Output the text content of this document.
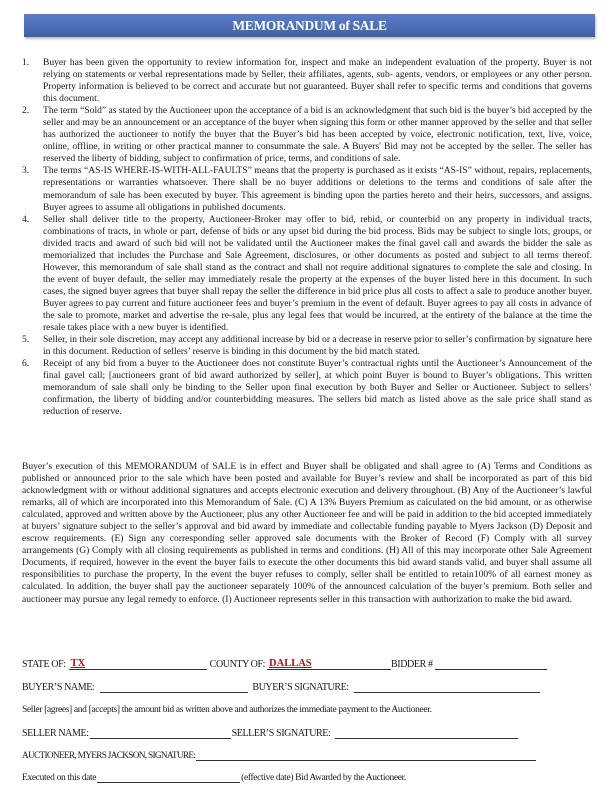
MEMORANDUM of SALE
1.	Buyer has been given the opportunity to review information for, inspect and make an independent evaluation of the property. Buyer is not relying on statements or verbal representations made by Seller, their affiliates, agents, sub- agents, vendors, or employees or any other person. Property information is believed to be correct and accurate but not guaranteed. Buyer shall refer to specific terms and conditions that governs this document.
2.	The term “Sold” as stated by the Auctioneer upon the acceptance of a bid is an acknowledgment that such bid is the buyer’s bid accepted by the seller and may be an announcement or an acceptance of the buyer when signing this form or other manner approved by the seller and that seller has authorized the auctioneer to notify the buyer that the Buyer’s bid has been accepted by voice, electronic notification, text, live, voice, online, offline, in writing or other practical manner to consummate the sale. A Buyers' Bid may not be accepted by the seller. The seller has reserved the liberty of bidding, subject to confirmation of price, terms, and conditions of sale.
3.	The terms “AS-IS WHERE-IS-WITH-ALL-FAULTS” means that the property is purchased as it exists “AS-IS” without, repairs, replacements, representations or warranties whatsoever. There shall be no buyer additions or deletions to the terms and conditions of sale after the memorandum of sale has been executed by buyer. This agreement is binding upon the parties hereto and their heirs, successors, and assigns. Buyer agrees to assume all obligations in published documents.
4.	Seller shall deliver title to the property, Auctioneer-Broker may offer to bid, rebid, or counterbid on any property in individual tracts, combinations of tracts, in whole or part, defense of bids or any upset bid during the bid process. Bids may be subject to single lots, groups, or divided tracts and award of such bid will not be validated until the Auctioneer makes the final gavel call and awards the bidder the sale as memorialized that includes the Purchase and Sale Agreement, disclosures, or other documents as posted and subject to all terms thereof. However, this memorandum of sale shall stand as the contract and shall not require additional signatures to complete the sale and closing. In the event of buyer default, the seller may immediately resale the property at the expenses of the buyer listed here in this document. In such cases, the signed buyer agrees that buyer shall repay the seller the difference in bid price plus all costs to affect a sale to produce another buyer. Buyer agrees to pay current and future auctioneer fees and buyer’s premium in the event of default. Buyer agrees to pay all costs in advance of the sale to promote, market and advertise the re-sale, plus any legal fees that would be incurred, at the entirety of the balance at the time the resale takes place with a new buyer is identified.
5.	Seller, in their sole discretion, may accept any additional increase by bid or a decrease in reserve prior to seller’s confirmation by signature here in this document. Reduction of sellers’ reserve is binding in this document by the bid match stated.
6.	Receipt of any bid from a buyer to the Auctioneer does not constitute Buyer’s contractual rights until the Auctioneer’s Announcement of the final gavel call; [auctioneers grant of bid award authorized by seller], at which point Buyer is bound to Buyer’s obligations. This written memorandum of sale shall only be binding to the Seller upon final execution by both Buyer and Seller or Auctioneer. Subject to sellers’ confirmation, the liberty of bidding and/or counterbidding measures. The sellers bid match as listed above as the sale price shall stand as reduction of reserve.

Buyer’s execution of this MEMORANDUM of SALE is in effect and Buyer shall be obligated and shall agree to (A) Terms and Conditions as published or announced prior to the sale which have been posted and available for Buyer’s review and shall be incorporated as part of this bid acknowledgment with or without additional signatures and accepts electronic execution and delivery throughout. (B) Any of the Auctioneer’s lawful remarks, all of which are incorporated into this Memorandum of Sale. (C) A 13% Buyers Premium as calculated on the bid amount, or as otherwise calculated, approved and written above by the Auctioneer, plus any other Auctioneer fee and will be paid in addition to the bid accepted immediately at buyers’ signature subject to the seller’s approval and bid award by immediate and collectable funding payable to Myers Jackson (D) Deposit and escrow requirements. (E) Sign any corresponding seller approved sale documents with the Broker of Record (F) Comply with all survey arrangements (G) Comply with all closing requirements as published in terms and conditions. (H) All of this may incorporate other Sale Agreement Documents, if required, however in the event the buyer fails to execute the other documents this bid award stands valid, and buyer shall assume all responsibilities to purchase the property, In the event the buyer refuses to comply, seller shall be entitled to retain100% of all earnest money as calculated. In addition, the buyer shall pay the auctioneer separately 100% of the announced calculation of the buyer’s premium. Both seller and auctioneer may pursue any legal remedy to enforce. (I) Auctioneer represents seller in this transaction with authorization to make the bid award.

STATE OF: TX	COUNTY OF: DALLAS	BIDDER #
BUYER’S NAME:	BUYER’S SIGNATURE:
Seller [agrees] and [accepts] the amount bid as written above and authorizes the immediate payment to the Auctioneer.
SELLER NAME:	SELLER’S SIGNATURE:
AUCTIONEER, MYERS JACKSON, SIGNATURE:
Executed on this date	(effective date) Bid Awarded by the Auctioneer.
